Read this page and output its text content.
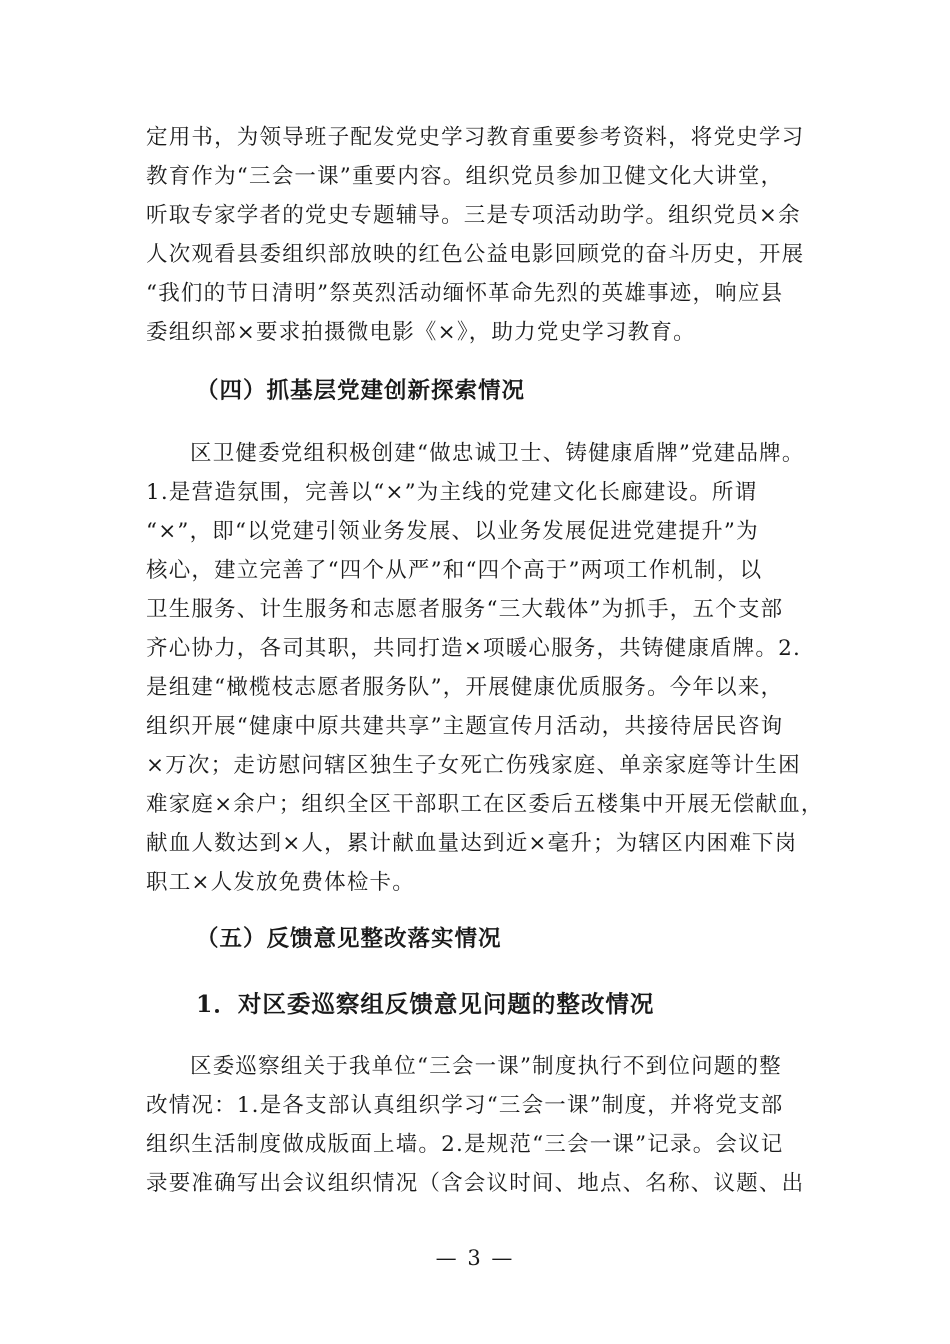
定用书，为领导班子配发党史学习教育重要参考资料，将党史学习
教育作为“三会一课”重要内容。组织党员参加卫健文化大讲堂，
听取专家学者的党史专题辅导。三是专项活动助学。组织党员×余
人次观看县委组织部放映的红色公益电影回顾党的奋斗历史，开展
“我们的节日清明”祭英烈活动缅怀革命先烈的英雄事迹，响应县
委组织部×要求拍摄微电影《×》，助力党史学习教育。
（四）抓基层党建创新探索情况
区卫健委党组积极创建“做忠诚卫士、铸健康盾牌”党建品牌。
1.是营造氛围，完善以“×”为主线的党建文化长廊建设。所谓
“×”，即“以党建引领业务发展、以业务发展促进党建提升”为
核心，建立完善了“四个从严”和“四个高于”两项工作机制，以
卫生服务、计生服务和志愿者服务“三大载体”为抓手，五个支部
齐心协力，各司其职，共同打造×项暖心服务，共铸健康盾牌。2.
是组建“橄榄枝志愿者服务队”，开展健康优质服务。今年以来，
组织开展“健康中原共建共享”主题宣传月活动，共接待居民咨询
×万次；走访慰问辖区独生子女死亡伤残家庭、单亲家庭等计生困
难家庭×余户；组织全区干部职工在区委后五楼集中开展无偿献血，
献血人数达到×人，累计献血量达到近×毫升；为辖区内困难下岗
职工×人发放免费体检卡。
（五）反馈意见整改落实情况
1．对区委巡察组反馈意见问题的整改情况
区委巡察组关于我单位“三会一课”制度执行不到位问题的整
改情况：1.是各支部认真组织学习“三会一课”制度，并将党支部
组织生活制度做成版面上墙。2.是规范“三会一课”记录。会议记
录要准确写出会议组织情况（含会议时间、地点、名称、议题、出
— 3 —
